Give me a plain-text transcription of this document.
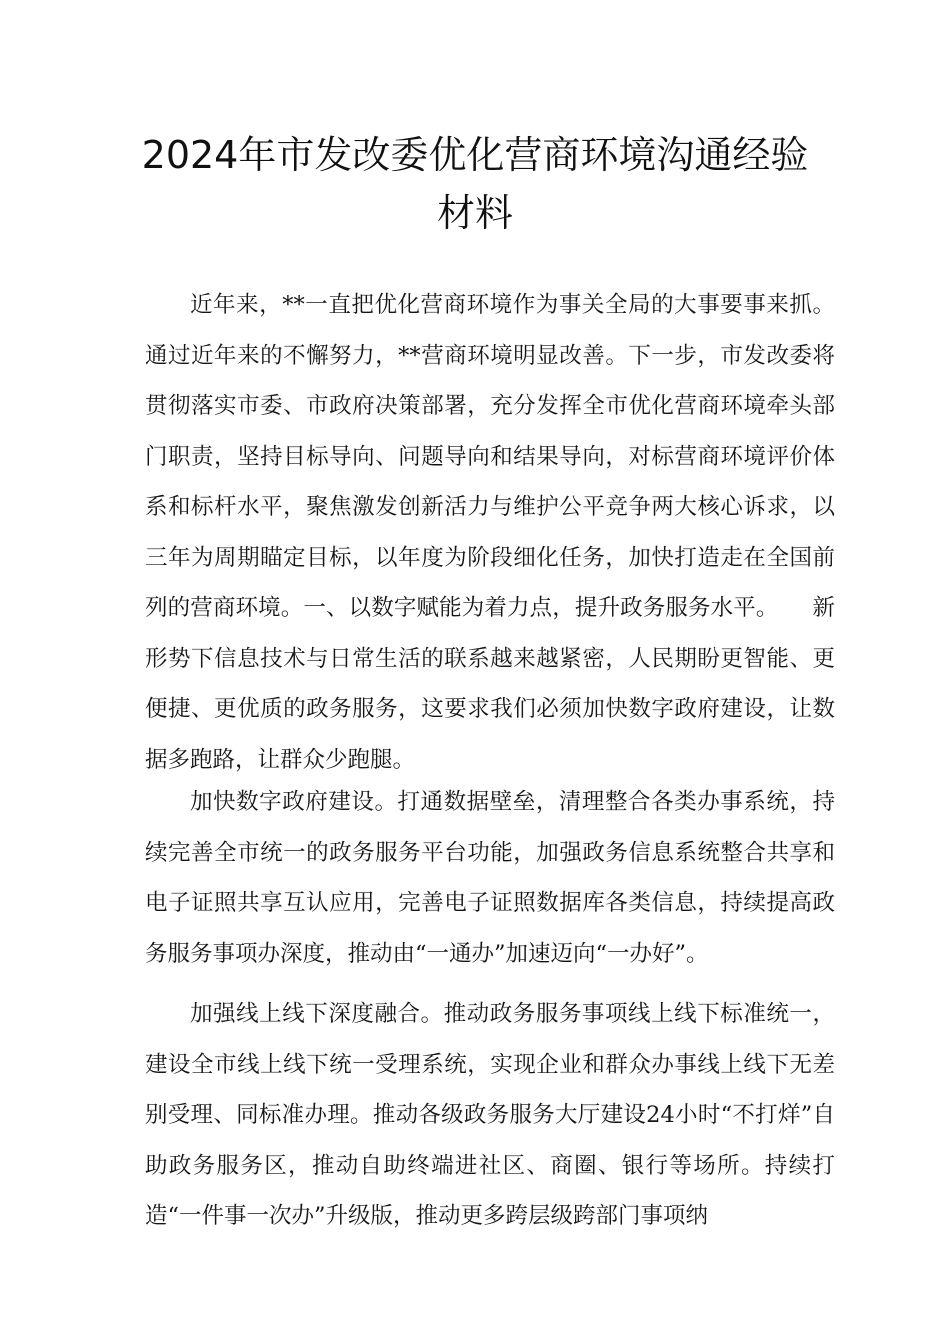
2024年市发改委优化营商环境沟通经验
材料

近年来，**一直把优化营商环境作为事关全局的大事要事来抓。通过近年来的不懈努力，**营商环境明显改善。下一步，市发改委将贯彻落实市委、市政府决策部署，充分发挥全市优化营商环境牵头部门职责，坚持目标导向、问题导向和结果导向，对标营商环境评价体系和标杆水平，聚焦激发创新活力与维护公平竞争两大核心诉求，以三年为周期瞄定目标，以年度为阶段细化任务，加快打造走在全国前列的营商环境。一、以数字赋能为着力点，提升政务服务水平。　　新形势下信息技术与日常生活的联系越来越紧密，人民期盼更智能、更便捷、更优质的政务服务，这要求我们必须加快数字政府建设，让数据多跑路，让群众少跑腿。

加快数字政府建设。打通数据壁垒，清理整合各类办事系统，持续完善全市统一的政务服务平台功能，加强政务信息系统整合共享和电子证照共享互认应用，完善电子证照数据库各类信息，持续提高政务服务事项办深度，推动由“一通办”加速迈向“一办好”。

加强线上线下深度融合。推动政务服务事项线上线下标准统一，建设全市线上线下统一受理系统，实现企业和群众办事线上线下无差别受理、同标准办理。推动各级政务服务大厅建设24小时“不打烊”自助政务服务区，推动自助终端进社区、商圈、银行等场所。持续打造“一件事一次办”升级版，推动更多跨层级跨部门事项纳
